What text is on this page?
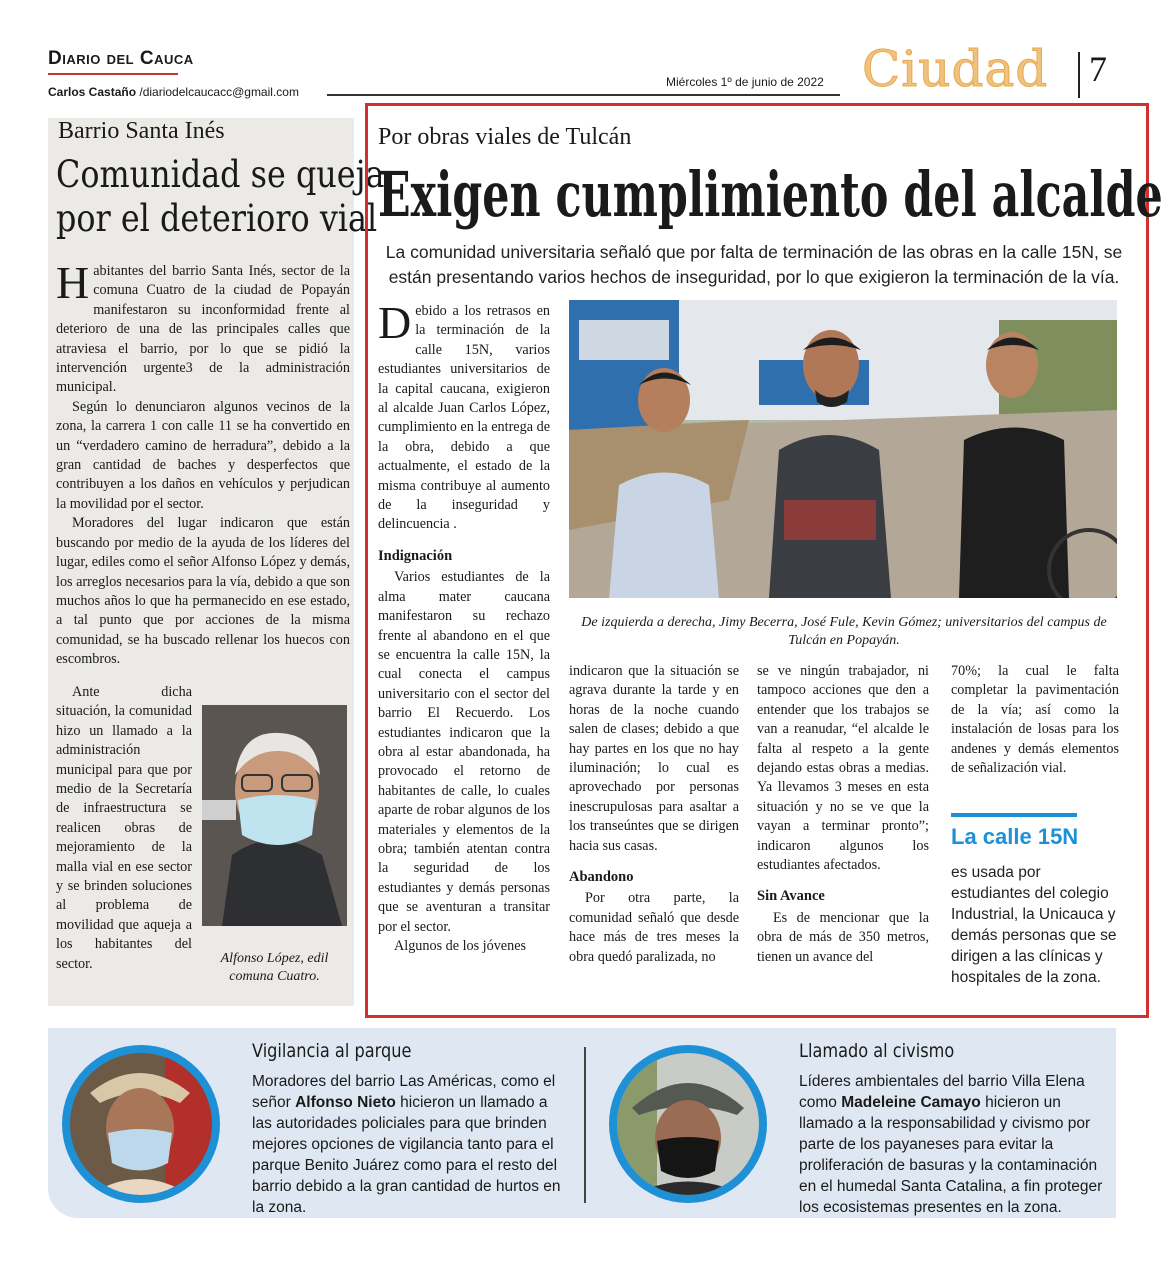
Diario del Cauca
Carlos Castaño /diariodelcaucacc@gmail.com
Miércoles 1º de junio de 2022 Ciudad 7
Barrio Santa Inés
Comunidad se queja
por el deterioro vial

Habitantes del barrio Santa Inés, sector de la comuna Cuatro de la ciudad de Popayán manifestaron su inconformidad frente al deterioro de una de las principales calles que atraviesa el barrio, por lo que se pidió la intervención urgente3 de la administración municipal.

Según lo denunciaron algunos vecinos de la zona, la carrera 1 con calle 11 se ha convertido en un “verdadero camino de herradura”, debido a la gran cantidad de baches y desperfectos que contribuyen a los daños en vehículos y perjudican la movilidad por el sector.

Moradores del lugar indicaron que están buscando por medio de la ayuda de los líderes del lugar, ediles como el señor Alfonso López y demás, los arreglos necesarios para la vía, debido a que son muchos años lo que ha permanecido en ese estado, a tal punto que por acciones de la misma comunidad, se ha buscado rellenar los huecos con escombros.

Ante dicha situación, la comunidad hizo un llamado a la administración municipal para que por medio de la Secretaría de infraestructura se realicen obras de mejoramiento de la malla vial en ese sector y se brinden soluciones al problema de movilidad que aqueja a los habitantes del sector.	Alfonso López, edil comuna Cuatro.
Por obras viales de Tulcán
Exigen cumplimiento del alcalde
La comunidad universitaria señaló que por falta de terminación de las obras en la calle 15N, se están presentando varios hechos de inseguridad, por lo que exigieron la terminación de la vía.

Debido a los retrasos en la terminación de la calle 15N, varios estudiantes universitarios de la capital caucana, exigieron al alcalde Juan Carlos López, cumplimiento en la entrega de la obra, debido a que actualmente, el estado de la misma contribuye al aumento de la inseguridad y delincuencia .

Indignación

Varios estudiantes de la alma mater caucana manifestaron su rechazo frente al abandono en el que se encuentra la calle 15N, la cual conecta el campus universitario con el sector del barrio El Recuerdo. Los estudiantes indicaron que la obra al estar abandonada, ha provocado el retorno de habitantes de calle, lo cuales aparte de robar algunos de los materiales y elementos de la obra; también atentan contra la seguridad de los estudiantes y demás personas que se aventuran a transitar por el sector.

Algunos de los jóvenes

De izquierda a derecha, Jimy Becerra, José Fule, Kevin Gómez; universitarios del campus de Tulcán en Popayán.

indicaron que la situación se agrava durante la tarde y en horas de la noche cuando salen de clases; debido a que hay partes en los que no hay iluminación; lo cual es aprovechado por personas inescrupulosas para asaltar a los transeúntes que se dirigen hacia sus casas.

Abandono

Por otra parte, la comunidad señaló que desde hace más de tres meses la obra quedó paralizada, no

se ve ningún trabajador, ni tampoco acciones que den a entender que los trabajos se van a reanudar, “el alcalde le falta al respeto a la gente dejando estas obras a medias. Ya llevamos 3 meses en esta situación y no se ve que la vayan a terminar pronto”; indicaron algunos los estudiantes afectados.

Sin Avance

Es de mencionar que la obra de más de 350 metros, tienen un avance del

70%; la cual le falta completar la pavimentación de la vía; así como la instalación de losas para los andenes y demás elementos de señalización vial.

La calle 15N
es usada por estudiantes del colegio Industrial, la Unicauca y demás personas que se dirigen a las clínicas y hospitales de la zona.
Vigilancia al parque
Moradores del barrio Las Américas, como el señor Alfonso Nieto hicieron un llamado a las autoridades policiales para que brinden mejores opciones de vigilancia tanto para el parque Benito Juárez como para el resto del barrio debido a la gran cantidad de hurtos en la zona.
Llamado al civismo
Líderes ambientales del barrio Villa Elena como Madeleine Camayo hicieron un llamado a la responsabilidad y civismo por parte de los payaneses para evitar la proliferación de basuras y la contaminación en el humedal Santa Catalina, a fin proteger los ecosistemas presentes en la zona.
